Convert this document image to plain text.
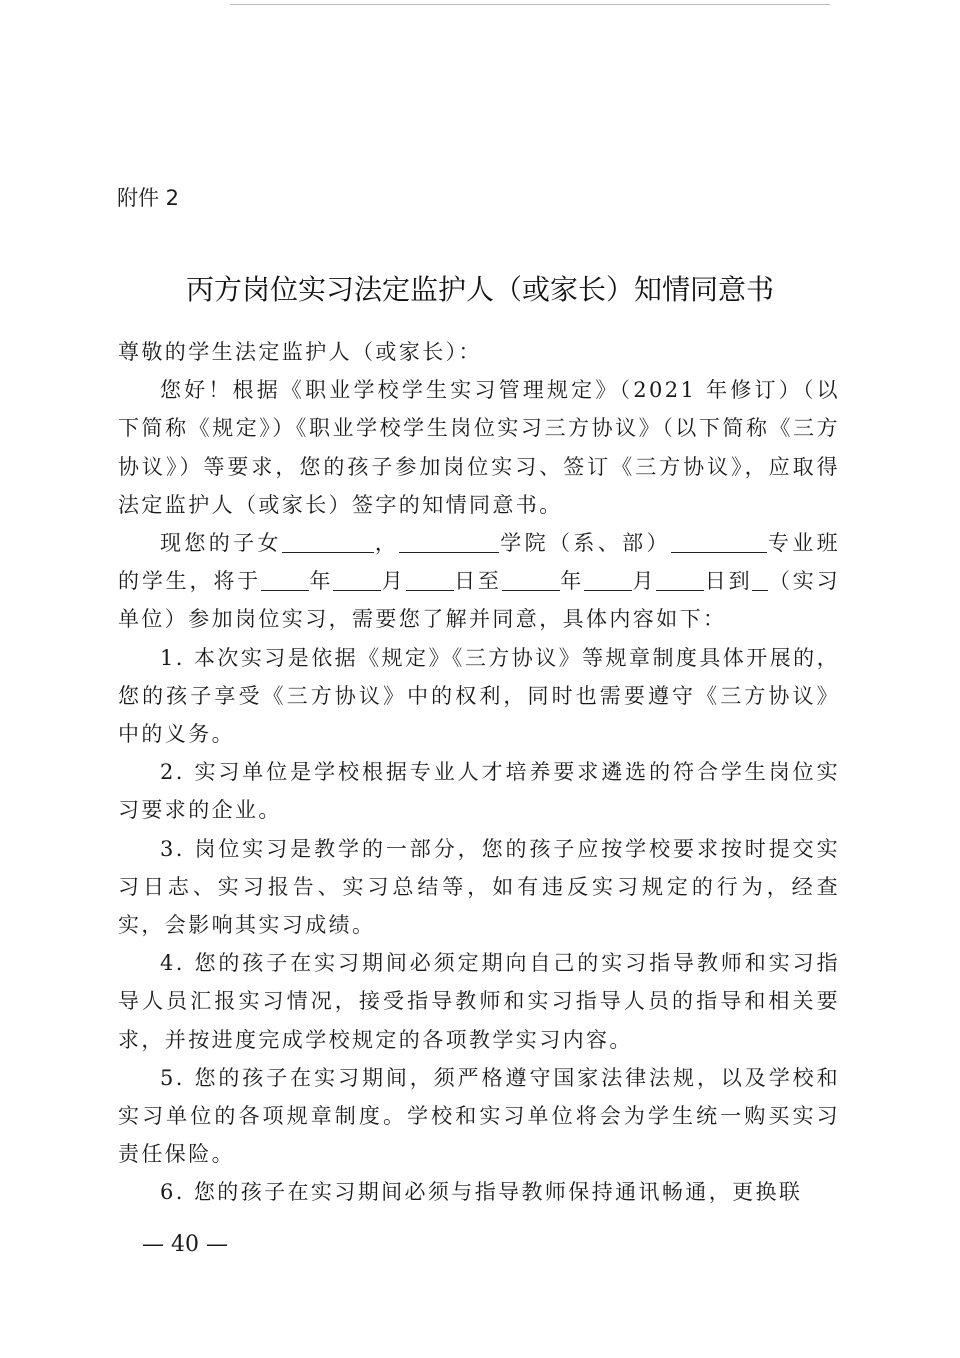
附件 2
丙方岗位实习法定监护人（或家长）知情同意书

尊敬的学生法定监护人（或家长）：

您好！根据《职业学校学生实习管理规定》（2021 年修订）（以下简称《规定》）《职业学校学生岗位实习三方协议》（以下简称《三方协议》）等要求，您的孩子参加岗位实习、签订《三方协议》，应取得法定监护人（或家长）签字的知情同意书。

现您的子女	，	学院（系、部）	专业班的学生，将于 年 月 日至	年 月 日到 （实习单位）参加岗位实习，需要您了解并同意，具体内容如下：

1. 本次实习是依据《规定》《三方协议》等规章制度具体开展的，您的孩子享受《三方协议》中的权利，同时也需要遵守《三方协议》中的义务。

2. 实习单位是学校根据专业人才培养要求遴选的符合学生岗位实习要求的企业。

3. 岗位实习是教学的一部分，您的孩子应按学校要求按时提交实习日志、实习报告、实习总结等，如有违反实习规定的行为，经查实，会影响其实习成绩。

4. 您的孩子在实习期间必须定期向自己的实习指导教师和实习指导人员汇报实习情况，接受指导教师和实习指导人员的指导和相关要求，并按进度完成学校规定的各项教学实习内容。

5. 您的孩子在实习期间，须严格遵守国家法律法规，以及学校和实习单位的各项规章制度。学校和实习单位将会为学生统一购买实习责任保险。

6. 您的孩子在实习期间必须与指导教师保持通讯畅通，更换联

— 40 —
